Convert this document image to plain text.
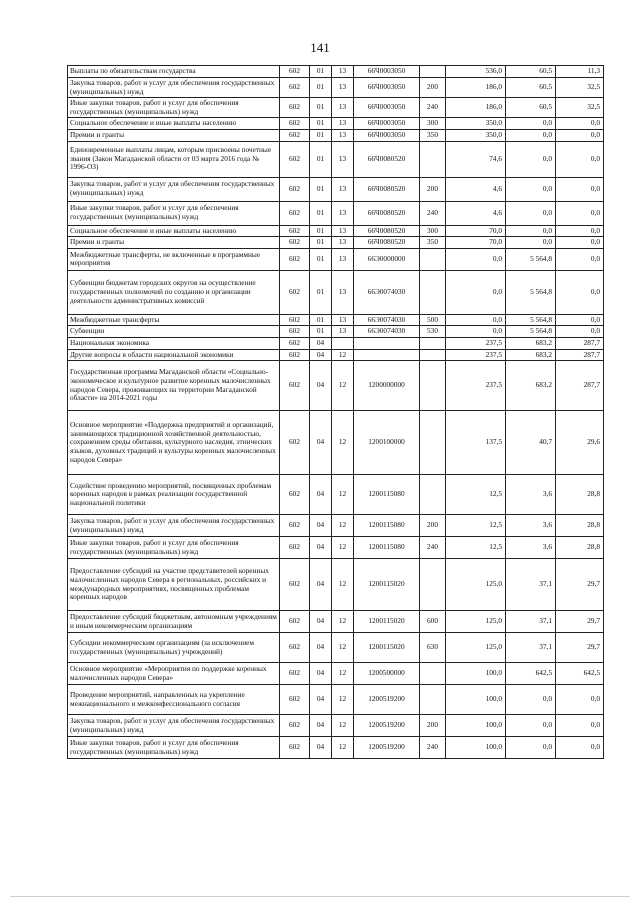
141
Выплаты по обязательствам государства	602	01	13	66Ч0003050		536,0	60,5	11,3
Закупка товаров, работ и услуг для обеспечения государственных (муниципальных) нужд	602	01	13	66Ч0003050	200	186,0	60,5	32,5
Иные закупки товаров, работ и услуг для обеспечения государственных (муниципальных) нужд	602	01	13	66Ч0003050	240	186,0	60,5	32,5
Социальное обеспечение и иные выплаты населению	602	01	13	66Ч0003050	300	350,0	0,0	0,0
Премии и гранты	602	01	13	66Ч0003050	350	350,0	0,0	0,0
Единовременные выплаты лицам, которым присвоены почетные звания (Закон Магаданской области от 03 марта 2016 года № 1996-ОЗ)	602	01	13	66Ч0080520		74,6	0,0	0,0
Закупка товаров, работ и услуг для обеспечения государственных (муниципальных) нужд	602	01	13	66Ч0080520	200	4,6	0,0	0,0
Иные закупки товаров, работ и услуг для обеспечения государственных (муниципальных) нужд	602	01	13	66Ч0080520	240	4,6	0,0	0,0
Социальное обеспечение и иные выплаты населению	602	01	13	66Ч0080520	300	70,0	0,0	0,0
Премии и гранты	602	01	13	66Ч0080520	350	70,0	0,0	0,0
Межбюджетные трансферты, не включенные в программные мероприятия	602	01	13	66Э0000000		0,0	5 564,8	0,0
Субвенции бюджетам городских округов на осуществление государственных полномочий по созданию и организации деятельности административных комиссий	602	01	13	66Э0074030		0,0	5 564,8	0,0
Межбюджетные трансферты	602	01	13	66Э0074030	500	0,0	5 564,8	0,0
Субвенции	602	01	13	66Э0074030	530	0,0	5 564,8	0,0
Национальная экономика	602	04				237,5	683,2	287,7
Другие вопросы в области национальной экономики	602	04	12			237,5	683,2	287,7
Государственная программа Магаданской области «Социально-экономическое и культурное развитие коренных малочисленных народов Севера, проживающих на территории Магаданской области» на 2014-2021 годы	602	04	12	1200000000		237,5	683,2	287,7
Основное мероприятие «Поддержка предприятий и организаций, занимающихся традиционной хозяйственной деятельностью, сохранением среды обитания, культурного наследия, этнических языков, духовных традиций и культуры коренных малочисленных народов Севера»	602	04	12	1200100000		137,5	40,7	29,6
Содействие проведению мероприятий, посвященных проблемам коренных народов в рамках реализации государственной национальной политики	602	04	12	1200115080		12,5	3,6	28,8
Закупка товаров, работ и услуг для обеспечения государственных (муниципальных) нужд	602	04	12	1200115080	200	12,5	3,6	28,8
Иные закупки товаров, работ и услуг для обеспечения государственных (муниципальных) нужд	602	04	12	1200115080	240	12,5	3,6	28,8
Предоставление субсидий на участие представителей коренных малочисленных народов Севера в региональных, российских и международных мероприятиях, посвященных проблемам коренных народов	602	04	12	1200115020		125,0	37,1	29,7
Предоставление субсидий бюджетным, автономным учреждениям и иным некоммерческим организациям	602	04	12	1200115020	600	125,0	37,1	29,7
Субсидии некоммерческим организациям (за исключением государственных (муниципальных) учреждений)	602	04	12	1200115020	630	125,0	37,1	29,7
Основное мероприятие «Мероприятия по поддержке коренных малочисленных народов Севера»	602	04	12	1200500000		100,0	642,5	642,5
Проведение мероприятий, направленных на укрепление межнационального и межконфессионального согласия	602	04	12	1200519200		100,0	0,0	0,0
Закупка товаров, работ и услуг для обеспечения государственных (муниципальных) нужд	602	04	12	1200519200	200	100,0	0,0	0,0
Иные закупки товаров, работ и услуг для обеспечения государственных (муниципальных) нужд	602	04	12	1200519200	240	100,0	0,0	0,0
